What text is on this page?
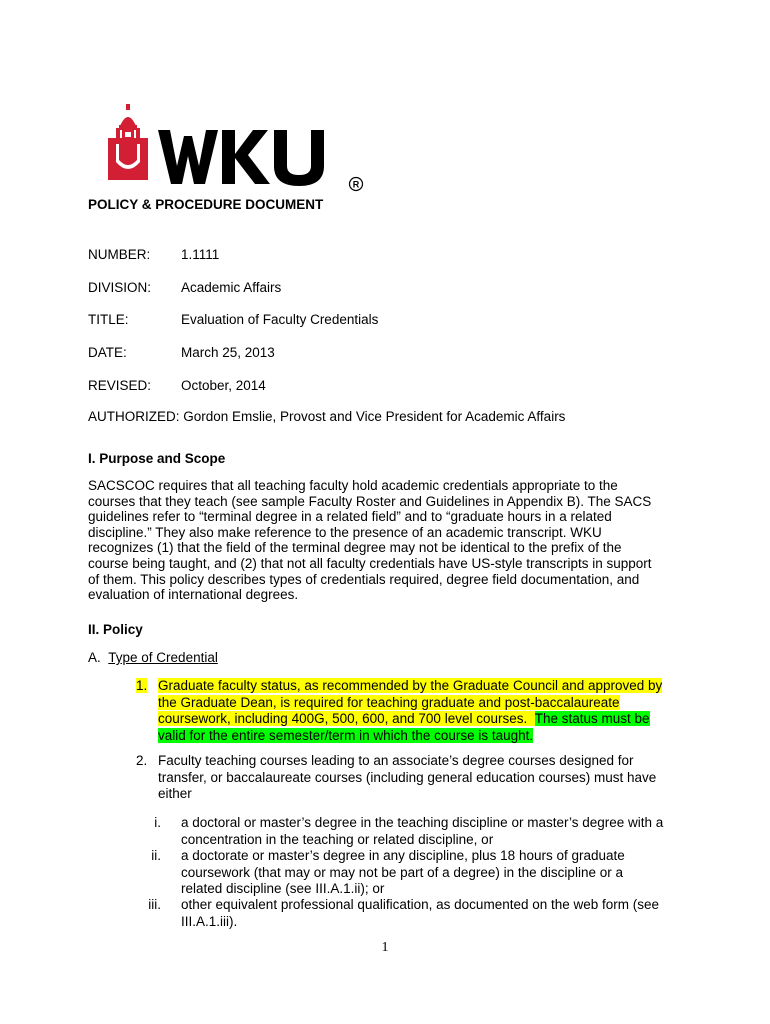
R
POLICY & PROCEDURE DOCUMENT
NUMBER: 1.1111
DIVISION: Academic Affairs
TITLE:	Evaluation of Faculty Credentials
DATE:	March 25, 2013
REVISED: October, 2014
AUTHORIZED: Gordon Emslie, Provost and Vice President for Academic Affairs
I. Purpose and Scope
SACSCOC requires that all teaching faculty hold academic credentials appropriate to the
courses that they teach (see sample Faculty Roster and Guidelines in Appendix B). The SACS
guidelines refer to “terminal degree in a related field” and to “graduate hours in a related
discipline.” They also make reference to the presence of an academic transcript. WKU
recognizes (1) that the field of the terminal degree may not be identical to the prefix of the
course being taught, and (2) that not all faculty credentials have US-style transcripts in support
of them. This policy describes types of credentials required, degree field documentation, and
evaluation of international degrees.
II. Policy
A. Type of Credential
1. Graduate faculty status, as recommended by the Graduate Council and approved by
the Graduate Dean, is required for teaching graduate and post-baccalaureate
coursework, including 400G, 500, 600, and 700 level courses. The status must be
valid for the entire semester/term in which the course is taught.
2. Faculty teaching courses leading to an associate’s degree courses designed for
transfer, or baccalaureate courses (including general education courses) must have
either
i. a doctoral or master’s degree in the teaching discipline or master’s degree with a
concentration in the teaching or related discipline, or
ii. a doctorate or master’s degree in any discipline, plus 18 hours of graduate
coursework (that may or may not be part of a degree) in the discipline or a
related discipline (see III.A.1.ii); or
iii. other equivalent professional qualification, as documented on the web form (see
III.A.1.iii).
1
